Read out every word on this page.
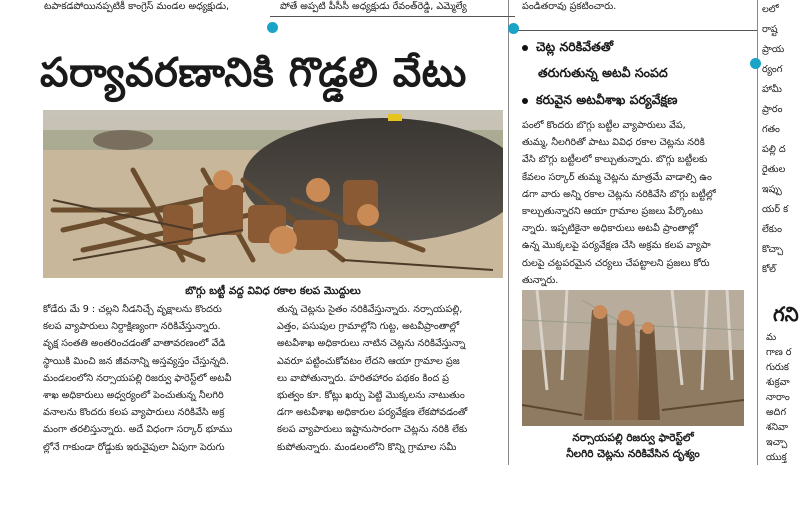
టపాకడపోయినప్పటికీ కాంగ్రెస్ మండల అధ్యక్షుడు,	పోతే అప్పటి పీసీసీ అధ్యక్షుడు రేవంత్‌రెడ్డి, ఎమ్మెల్యే	పండితరావు ప్రకటించారు.
పర్యావరణానికి గొడ్డలి వేటు
చెట్ల నరికివేతతో
తరుగుతున్న అటవీ సంపద
కరువైన అటవీశాఖ పర్యవేక్షణ
బొగ్గు బట్టీ వద్ద వివిధ రకాల కలప మొద్దులు

కోడేరు మే 9 : చల్లని నీడనిచ్చే వృక్షాలను కొందరు

కలప వ్యాపారులు నిర్దాక్షిణ్యంగా నరికివేస్తున్నారు.

వృక్ష సంతతి అంతరించడంతో వాతావరణంలో వేడి

స్థాయికి మించి జన జీవనాన్ని అస్తవ్యస్తం చేస్తున్నది.

మండలంలోని నర్సాయపల్లి రిజర్వు ఫారెస్ట్‌లో అటవీ

శాఖ అధికారులు అధ్వర్యంలో పెంచుతున్న నీలగిరి

వనాలను కొందరు కలప వ్యాపారులు నరికివేసి అక్ర

మంగా తరలిస్తున్నారు. అదే విధంగా సర్కార్ భూము

ల్లోనే గాకుండా రోడ్డుకు ఇరువైపులా ఏపుగా పెరుగు

తున్న చెట్లను సైతం నరికివేస్తున్నారు. నర్సాయపల్లి,

ఎత్తం, పసుపుల గ్రామాల్లోని గుట్ట, అటవీప్రాంతాల్లో

అటవీశాఖ అధికారులు నాటిన చెట్లను నరికివేస్తున్నా

ఎవరూ పట్టించుకోవటం లేదని ఆయా గ్రామాల ప్రజ

లు వాపోతున్నారు. హరితహారం పథకం కింద ప్ర

భుత్వం కూ. కోట్లు ఖర్చు పెట్టి మొక్కలను నాటుతుం

డగా అటవీశాఖ అధికారుల పర్యవేక్షణ లేకపోవడంతో

కలప వ్యాపారులు ఇష్టానుసారంగా చెట్లను నరికి లేకు

కుపోతున్నారు. మండలంలోని కొన్ని గ్రామాల సమీ

పంలో కొందరు బొగ్గు బట్టీల వ్యాపారులు వేప,

తుమ్మ, నీలగిరితో పాటు వివిధ రకాల చెట్లను నరికి

వేసి బొగ్గు బట్టీలలో కాల్చుతున్నారు. బొగ్గు బట్టీలకు

కేవలం సర్కార్ తుమ్మ చెట్లను మాత్రమే వాడాల్సి ఉం

డగా వారు అన్ని రకాల చెట్లను నరికివేసి బొగ్గు బట్టీల్లో

కాల్చుతున్నారని ఆయా గ్రామాల ప్రజలు పేర్కొంటు

న్నారు. ఇప్పటికైనా అధికారులు అటవీ ప్రాంతాల్లో

ఉన్న మొక్కలపై పర్యవేక్షణ చేసి అక్రమ కలప వ్యాపా

రులపై చట్టపరమైన చర్యలు చేపట్టాలని ప్రజలు కోరు

తున్నారు.

నర్సాయపల్లి రిజర్వు ఫారెస్ట్‌లో
నీలగిరి చెట్లను నరికివేసిన దృశ్యం

లలో

రాష్ట

ప్రాయ

ర్యంగ

హామీ

ప్రారం

గతం

పల్లి ద

రైతుల

ఇప్పు

యర్ క

లేకుం

కొచ్చా

కోల్

గని

మ

గాణ ర

గురుక

శుక్రవా

నారాం

అదిగ

శనివా

ఇచ్చా

యుక్త
